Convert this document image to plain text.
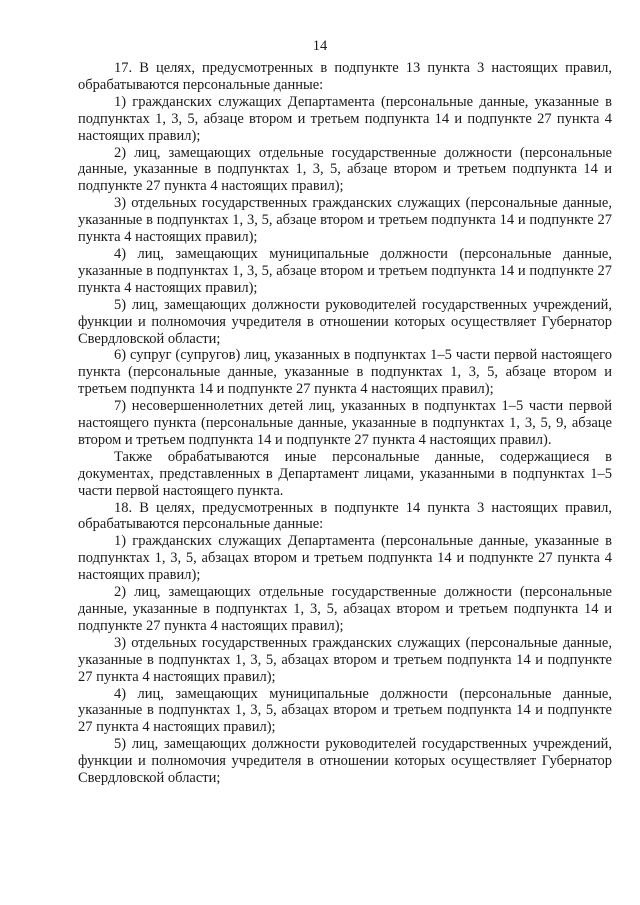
14

17. В целях, предусмотренных в подпункте 13 пункта 3 настоящих правил, обрабатываются персональные данные:

1) гражданских служащих Департамента (персональные данные, указанные в подпунктах 1, 3, 5, абзаце втором и третьем подпункта 14 и подпункте 27 пункта 4 настоящих правил);

2) лиц, замещающих отдельные государственные должности (персональные данные, указанные в подпунктах 1, 3, 5, абзаце втором и третьем подпункта 14 и подпункте 27 пункта 4 настоящих правил);

3) отдельных государственных гражданских служащих (персональные данные, указанные в подпунктах 1, 3, 5, абзаце втором и третьем подпункта 14 и подпункте 27 пункта 4 настоящих правил);

4) лиц, замещающих муниципальные должности (персональные данные, указанные в подпунктах 1, 3, 5, абзаце втором и третьем подпункта 14 и подпункте 27 пункта 4 настоящих правил);

5) лиц, замещающих должности руководителей государственных учреждений, функции и полномочия учредителя в отношении которых осуществляет Губернатор Свердловской области;

6) супруг (супругов) лиц, указанных в подпунктах 1–5 части первой настоящего пункта (персональные данные, указанные в подпунктах 1, 3, 5, абзаце втором и третьем подпункта 14 и подпункте 27 пункта 4 настоящих правил);

7) несовершеннолетних детей лиц, указанных в подпунктах 1–5 части первой настоящего пункта (персональные данные, указанные в подпунктах 1, 3, 5, 9, абзаце втором и третьем подпункта 14 и подпункте 27 пункта 4 настоящих правил).

Также обрабатываются иные персональные данные, содержащиеся в документах, представленных в Департамент лицами, указанными в подпунктах 1–5 части первой настоящего пункта.

18. В целях, предусмотренных в подпункте 14 пункта 3 настоящих правил, обрабатываются персональные данные:

1) гражданских служащих Департамента (персональные данные, указанные в подпунктах 1, 3, 5, абзацах втором и третьем подпункта 14 и подпункте 27 пункта 4 настоящих правил);

2) лиц, замещающих отдельные государственные должности (персональные данные, указанные в подпунктах 1, 3, 5, абзацах втором и третьем подпункта 14 и подпункте 27 пункта 4 настоящих правил);

3) отдельных государственных гражданских служащих (персональные данные, указанные в подпунктах 1, 3, 5, абзацах втором и третьем подпункта 14 и подпункте 27 пункта 4 настоящих правил);

4) лиц, замещающих муниципальные должности (персональные данные, указанные в подпунктах 1, 3, 5, абзацах втором и третьем подпункта 14 и подпункте 27 пункта 4 настоящих правил);

5) лиц, замещающих должности руководителей государственных учреждений, функции и полномочия учредителя в отношении которых осуществляет Губернатор Свердловской области;
